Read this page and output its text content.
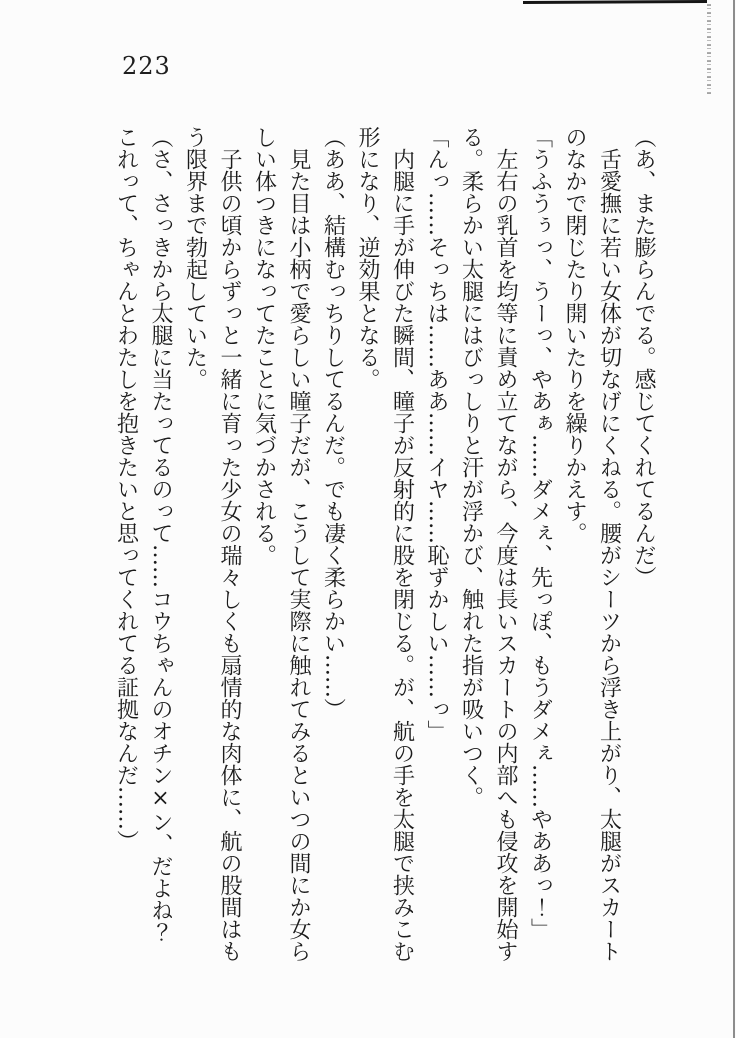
223

（あ、また膨らんでる。感じてくれてるんだ）

舌愛撫に若い女体が切なげにくねる。腰がシーツから浮き上がり、太腿がスカートのなかで閉じたり開いたりを繰りかえす。

「うふうぅっ、うーっ、やあぁ……ダメぇ、先っぽ、もうダメぇ……やああっ！」

左右の乳首を均等に責め立てながら、今度は長いスカートの内部へも侵攻を開始する。柔らかい太腿にはびっしりと汗が浮かび、触れた指が吸いつく。

「んっ……そっちは……ああ……イヤ……恥ずかしい……っ」

内腿に手が伸びた瞬間、瞳子が反射的に股を閉じる。が、航の手を太腿で挟みこむ形になり、逆効果となる。

（ああ、結構むっちりしてるんだ。でも凄く柔らかい……）

見た目は小柄で愛らしい瞳子だが、こうして実際に触れてみるといつの間にか女らしい体つきになってたことに気づかされる。

子供の頃からずっと一緒に育った少女の瑞々しくも扇情的な肉体に、航の股間はもう限界まで勃起していた。

（さ、さっきから太腿に当たってるのって……コウちゃんのオチン×ン、だよね？　これって、ちゃんとわたしを抱きたいと思ってくれてる証拠なんだ……）
